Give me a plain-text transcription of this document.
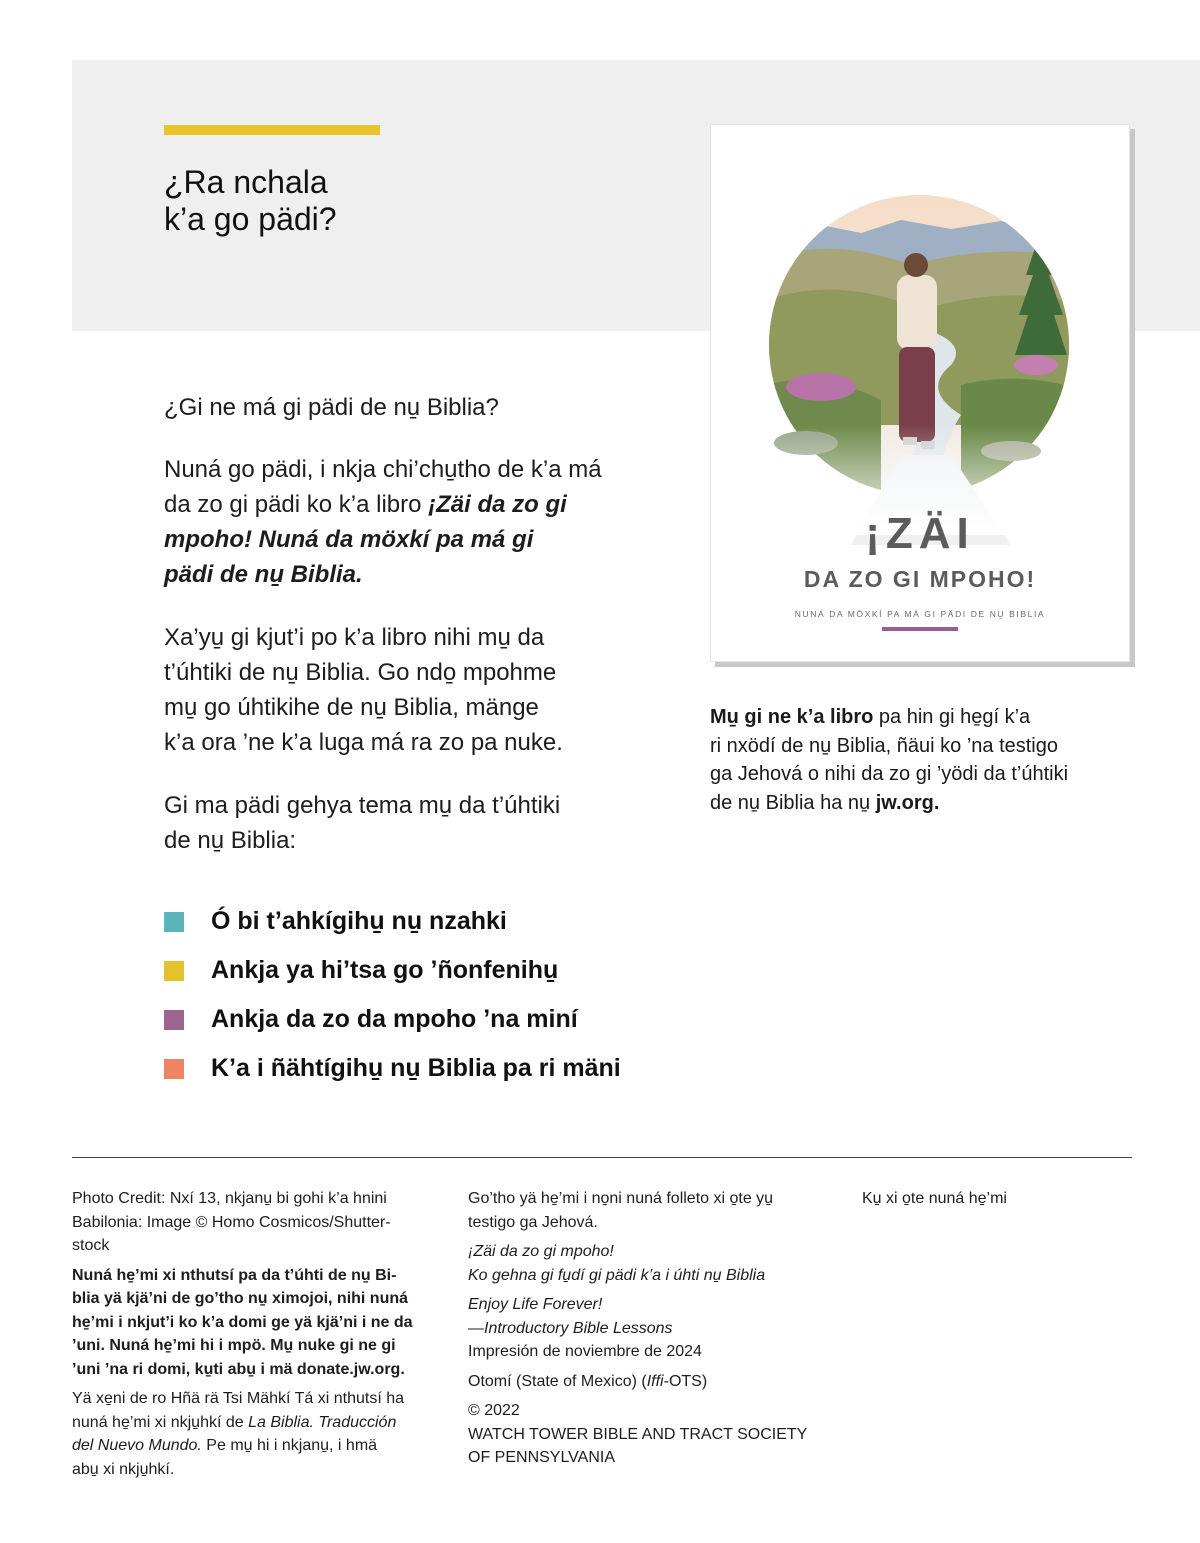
¿Ra nchala
k’a go pädi?

¿Gi ne má gi pädi de nu̱ Biblia?

Nuná go pädi, i nkja chi’chu̱tho de k’a má
da zo gi pädi ko k’a libro ¡Zäi da zo gi
mpoho! Nuná da möxkí pa má gi
pädi de nu̱ Biblia.

Xa’yu̱ gi kjut’i po k’a libro nihi mu̱ da
t’úhtiki de nu̱ Biblia. Go ndo̱ mpohme
mu̱ go úhtikihe de nu̱ Biblia, mänge
k’a ora ’ne k’a luga má ra zo pa nuke.

Gi ma pädi gehya tema mu̱ da t’úhtiki
de nu̱ Biblia:

Ó bi t’ahkígihu̱ nu̱ nzahki
Ankja ya hi’tsa go ’ñonfenihu̱
Ankja da zo da mpoho ’na miní
K’a i ñähtígihu̱ nu̱ Biblia pa ri mäni

¡ZÄI

DA ZO GI MPOHO!

NUNÁ DA MÖXKÍ PA MÁ GI PÄDI DE NU̱ BIBLIA

Mu̱ gi ne k’a libro pa hin gi he̱gí k’a
ri nxödí de nu̱ Biblia, ñäui ko ’na testigo
ga Jehová o nihi da zo gi ’yödi da t’úhtiki
de nu̱ Biblia ha nu̱ jw.org.

Photo Credit: Nxí 13, nkjanu̱ bi gohi k’a hnini
Babilonia: Image © Homo Cosmicos/Shutter-
stock

Nuná he̱’mi xi nthutsí pa da t’úhti de nu̱ Bi-
blia yä kjä’ni de go’tho nu̱ ximojoi, nihi nuná
he̱’mi i nkjut’i ko k’a domi ge yä kjä’ni i ne da
’uni. Nuná he̱’mi hi i mpö. Mu̱ nuke gi ne gi
’uni ’na ri domi, ku̱ti abu̱ i mä donate.jw.org.

Yä xe̱ni de ro Hñä rä Tsi Mähkí Tá xi nthutsí ha
nuná he̱’mi xi nkju̱hkí de La Biblia. Traducción
del Nuevo Mundo. Pe mu̱ hi i nkjanu̱, i hmä
abu̱ xi nkju̱hkí.

Go’tho yä he̱’mi i no̱ni nuná folleto xi o̱te yu̱
testigo ga Jehová.

¡Zäi da zo gi mpoho!
Ko gehna gi fu̱dí gi pädi k’a i úhti nu̱ Biblia

Enjoy Life Forever!
—Introductory Bible Lessons
Impresión de noviembre de 2024

Otomí (State of Mexico) (Iffi-OTS)

© 2022
WATCH TOWER BIBLE AND TRACT SOCIETY
OF PENNSYLVANIA

Ku̱ xi o̱te nuná he̱’mi
